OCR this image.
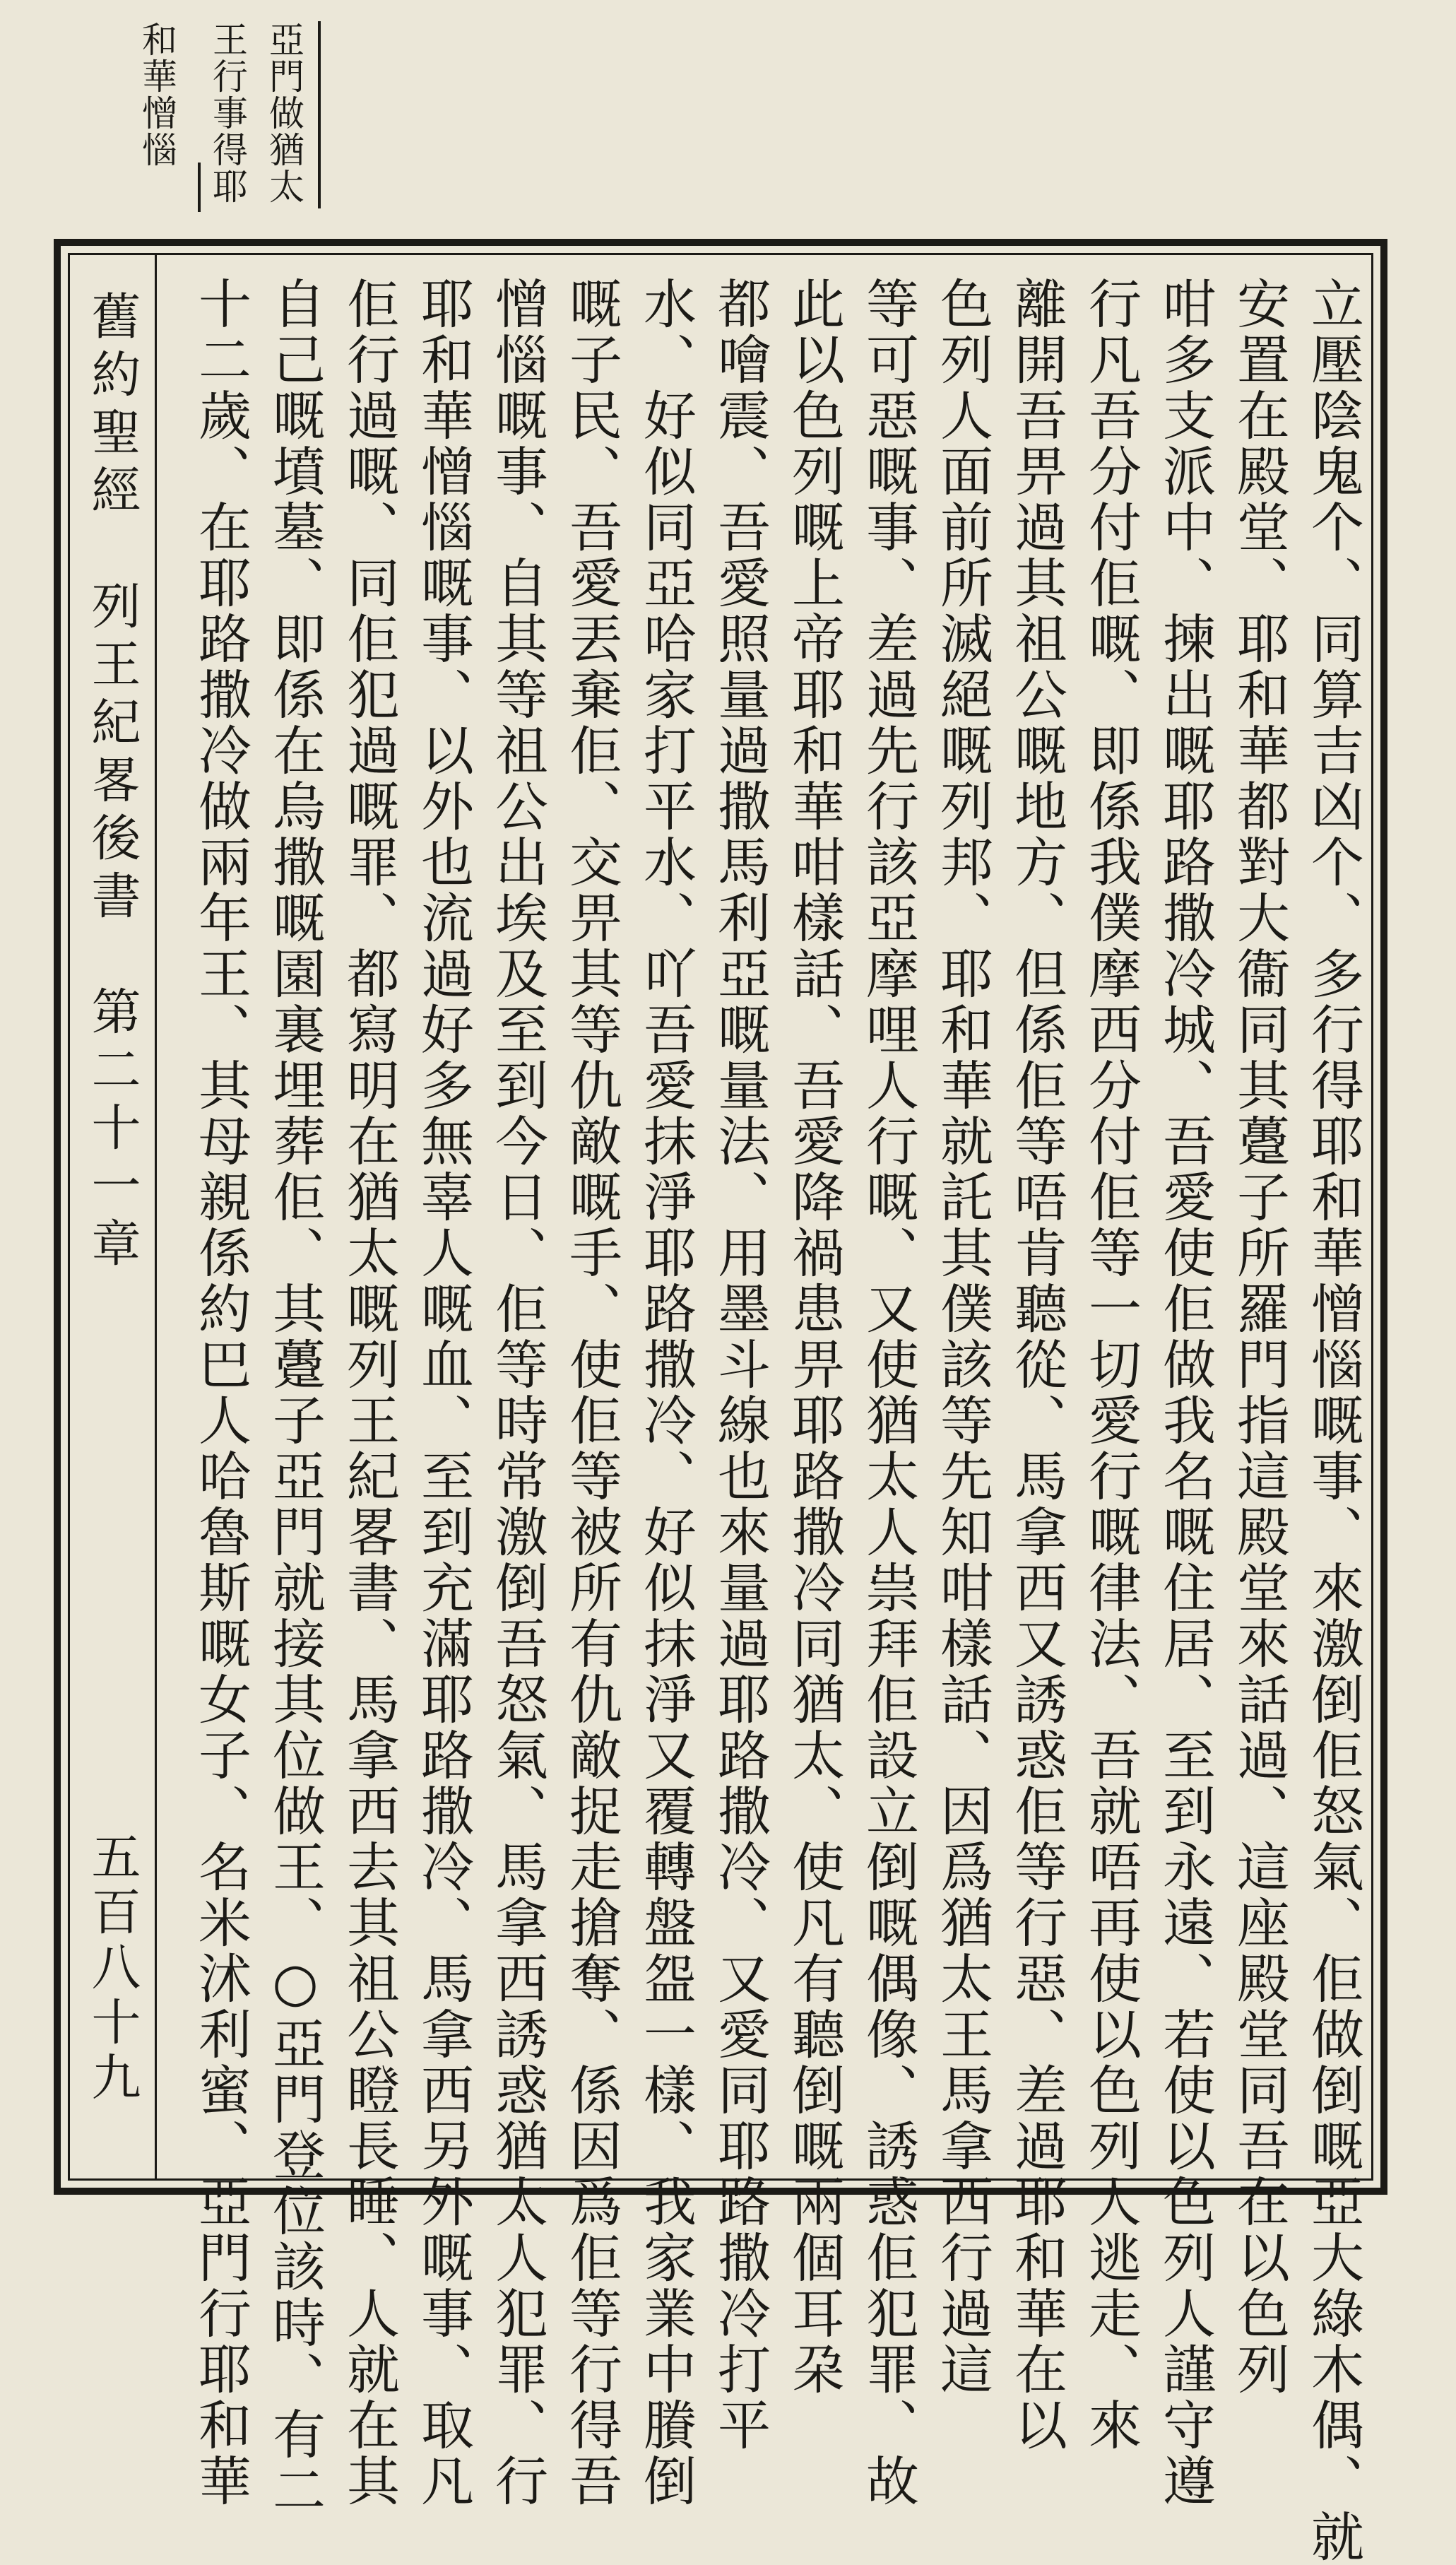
亞門做猶太
王行事得耶
和華憎惱
立壓陰鬼个、同算吉凶个、多行得耶和華憎惱嘅事、來激倒佢怒氣、佢做倒嘅亞大綠木偶、就
安置在殿堂、耶和華都對大衞同其躉子所羅門指這殿堂來話過、這座殿堂同吾在以色列
咁多支派中、揀出嘅耶路撒冷城、吾愛使佢做我名嘅住居、至到永遠、若使以色列人謹守遵
行凡吾分付佢嘅、即係我僕摩西分付佢等一切愛行嘅律法、吾就唔再使以色列人逃走、來
離開吾畀過其祖公嘅地方、但係佢等唔肯聽從、馬拿西又誘惑佢等行惡、差過耶和華在以
色列人面前所滅絕嘅列邦、耶和華就託其僕該等先知咁樣話、因爲猶太王馬拿西行過這
等可惡嘅事、差過先行該亞摩哩人行嘅、又使猶太人祟拜佢設立倒嘅偶像、誘惑佢犯罪、故
此以色列嘅上帝耶和華咁樣話、吾愛降禍患畀耶路撒冷同猶太、使凡有聽倒嘅兩個耳朶
都噲震、吾愛照量過撒馬利亞嘅量法、用墨斗線也來量過耶路撒冷、又愛同耶路撒冷打平
水、好似同亞哈家打平水、吖吾愛抹淨耶路撒冷、好似抹淨又覆轉盤盌一樣、我家業中賸倒
嘅子民、吾愛丟棄佢、交畀其等仇敵嘅手、使佢等被所有仇敵捉走搶奪、係因爲佢等行得吾
憎惱嘅事、自其等祖公出埃及至到今日、佢等時常激倒吾怒氣、馬拿西誘惑猶太人犯罪、行
耶和華憎惱嘅事、以外也流過好多無辜人嘅血、至到充滿耶路撒冷、馬拿西另外嘅事、取凡
佢行過嘅、同佢犯過嘅罪、都寫明在猶太嘅列王紀畧書、馬拿西去其祖公瞪長睡、人就在其
自己嘅墳墓、即係在烏撒嘅園裏埋葬佢、其躉子亞門就接其位做王、○亞門登位該時、有二
十二歲、在耶路撒冷做兩年王、其母親係約巴人哈魯斯嘅女子、名米沭利蜜、亞門行耶和華
舊約聖經　列王紀畧後書　第二十一章
五百八十九
